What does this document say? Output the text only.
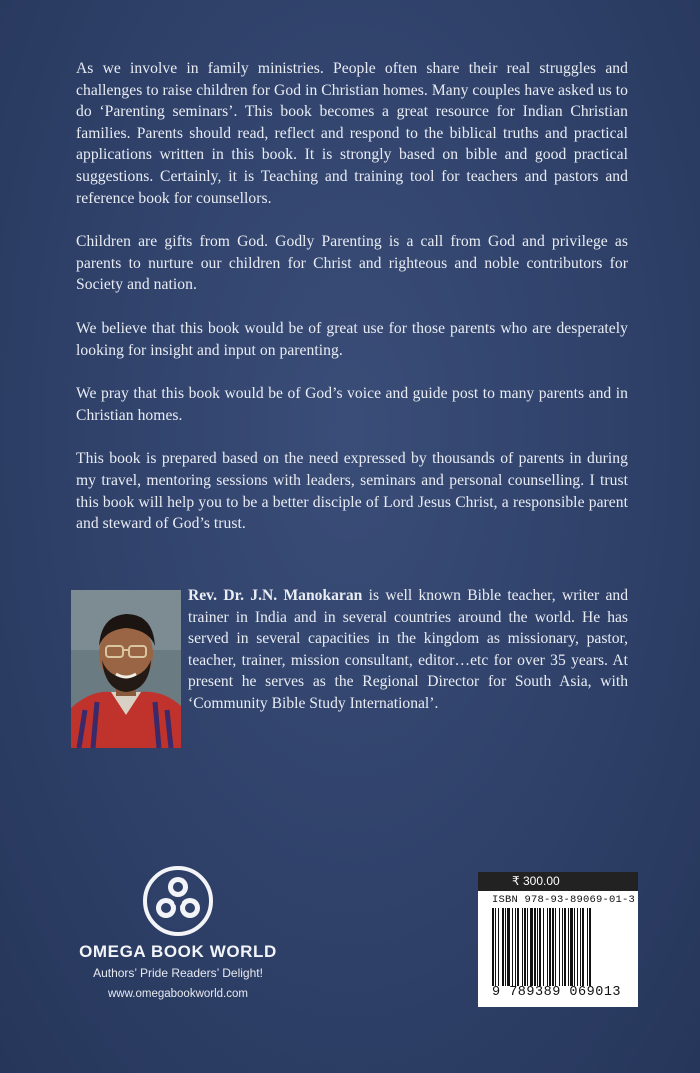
As we involve in family ministries. People often share their real struggles and challenges to raise children for God in Christian homes. Many couples have asked us to do ‘Parenting seminars’. This book becomes a great resource for Indian Christian families. Parents should read, reflect and respond to the biblical truths and practical applications written in this book. It is strongly based on bible and good practical suggestions. Certainly, it is Teaching and training tool for teachers and pastors and reference book for counsellors.

Children are gifts from God. Godly Parenting is a call from God and privilege as parents to nurture our children for Christ and righteous and noble contributors for Society and nation.

We believe that this book would be of great use for those parents who are desperately looking for insight and input on parenting.

We pray that this book would be of God’s voice and guide post to many parents and in Christian homes.

This book is prepared based on the need expressed by thousands of parents in during my travel, mentoring sessions with leaders, seminars and personal counselling. I trust this book will help you to be a better disciple of Lord Jesus Christ, a responsible parent and steward of God’s trust.

Rev. Dr. J.N. Manokaran is well known Bible teacher, writer and trainer in India and in several countries around the world. He has served in several capacities in the kingdom as missionary, pastor, teacher, trainer, mission consultant, editor…etc for over 35 years. At present he serves as the Regional Director for South Asia, with ‘Community Bible Study International’.
OMEGA BOOK WORLD
Authors’ Pride Readers’ Delight!
www.omegabookworld.com
₹ 300.00
ISBN 978-93-89069-01-3
9 789389 069013
